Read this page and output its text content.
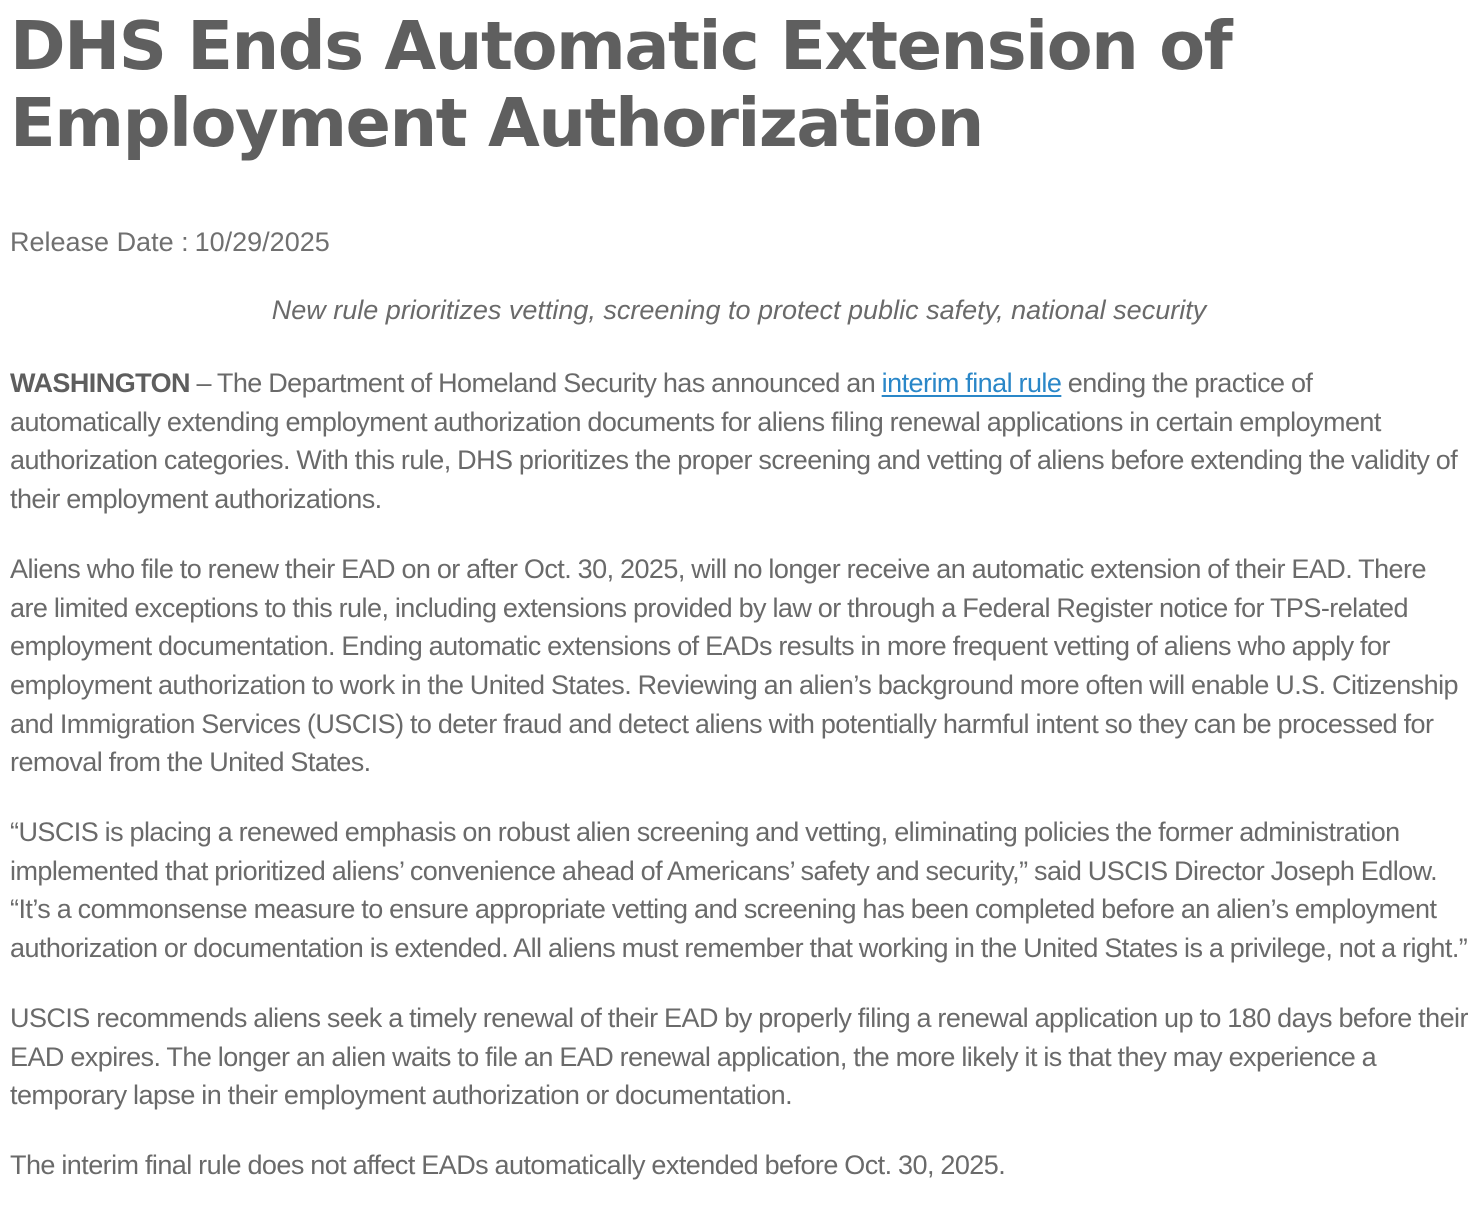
DHS Ends Automatic Extension of Employment Authorization
Release Date : 10/29/2025
New rule prioritizes vetting, screening to protect public safety, national security

WASHINGTON – The Department of Homeland Security has announced an interim final rule ending the practice of automatically extending employment authorization documents for aliens filing renewal applications in certain employment authorization categories. With this rule, DHS prioritizes the proper screening and vetting of aliens before extending the validity of their employment authorizations.

Aliens who file to renew their EAD on or after Oct. 30, 2025, will no longer receive an automatic extension of their EAD. There are limited exceptions to this rule, including extensions provided by law or through a Federal Register notice for TPS-related employment documentation. Ending automatic extensions of EADs results in more frequent vetting of aliens who apply for employment authorization to work in the United States. Reviewing an alien’s background more often will enable U.S. Citizenship and Immigration Services (USCIS) to deter fraud and detect aliens with potentially harmful intent so they can be processed for removal from the United States.

“USCIS is placing a renewed emphasis on robust alien screening and vetting, eliminating policies the former administration implemented that prioritized aliens’ convenience ahead of Americans’ safety and security,” said USCIS Director Joseph Edlow. “It’s a commonsense measure to ensure appropriate vetting and screening has been completed before an alien’s employment authorization or documentation is extended. All aliens must remember that working in the United States is a privilege, not a right.”

USCIS recommends aliens seek a timely renewal of their EAD by properly filing a renewal application up to 180 days before their EAD expires. The longer an alien waits to file an EAD renewal application, the more likely it is that they may experience a temporary lapse in their employment authorization or documentation.

The interim final rule does not affect EADs automatically extended before Oct. 30, 2025.
